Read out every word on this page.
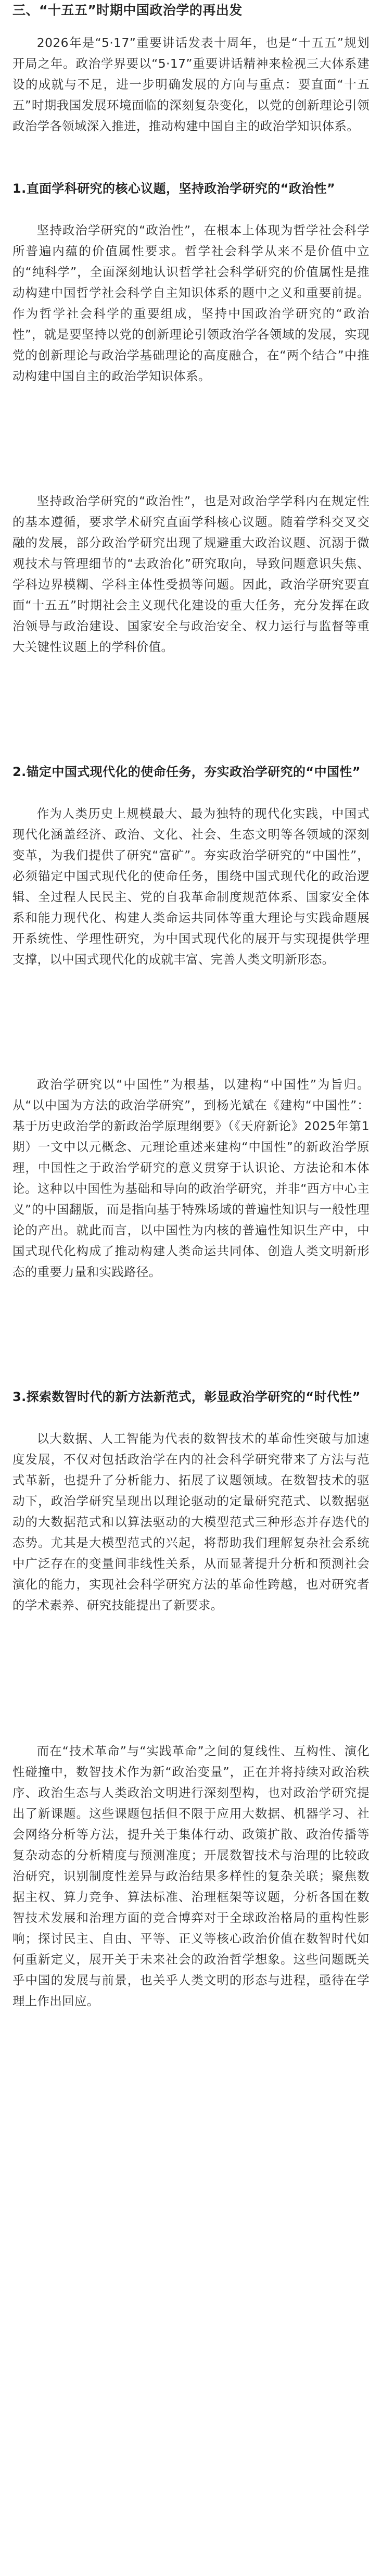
三、“十五五”时期中国政治学的再出发

2026年是“5·17”重要讲话发表十周年，也是“十五五”规划开局之年。政治学界要以“5·17”重要讲话精神来检视三大体系建设的成就与不足，进一步明确发展的方向与重点：要直面“十五五”时期我国发展环境面临的深刻复杂变化，以党的创新理论引领政治学各领域深入推进，推动构建中国自主的政治学知识体系。

1.直面学科研究的核心议题，坚持政治学研究的“政治性”

坚持政治学研究的“政治性”，在根本上体现为哲学社会科学所普遍内蕴的价值属性要求。哲学社会科学从来不是价值中立的“纯科学”，全面深刻地认识哲学社会科学研究的价值属性是推动构建中国哲学社会科学自主知识体系的题中之义和重要前提。作为哲学社会科学的重要组成，坚持中国政治学研究的“政治性”，就是要坚持以党的创新理论引领政治学各领域的发展，实现党的创新理论与政治学基础理论的高度融合，在“两个结合”中推动构建中国自主的政治学知识体系。

坚持政治学研究的“政治性”，也是对政治学学科内在规定性的基本遵循，要求学术研究直面学科核心议题。随着学科交叉交融的发展，部分政治学研究出现了规避重大政治议题、沉溺于微观技术与管理细节的“去政治化”研究取向，导致问题意识失焦、学科边界模糊、学科主体性受损等问题。因此，政治学研究要直面“十五五”时期社会主义现代化建设的重大任务，充分发挥在政治领导与政治建设、国家安全与政治安全、权力运行与监督等重大关键性议题上的学科价值。

2.锚定中国式现代化的使命任务，夯实政治学研究的“中国性”

作为人类历史上规模最大、最为独特的现代化实践，中国式现代化涵盖经济、政治、文化、社会、生态文明等各领域的深刻变革，为我们提供了研究“富矿”。夯实政治学研究的“中国性”，必须锚定中国式现代化的使命任务，围绕中国式现代化的政治逻辑、全过程人民民主、党的自我革命制度规范体系、国家安全体系和能力现代化、构建人类命运共同体等重大理论与实践命题展开系统性、学理性研究，为中国式现代化的展开与实现提供学理支撑，以中国式现代化的成就丰富、完善人类文明新形态。

政治学研究以“中国性”为根基，以建构“中国性”为旨归。从“以中国为方法的政治学研究”，到杨光斌在《建构“中国性”：基于历史政治学的新政治学原理纲要》（《天府新论》2025年第1期）一文中以元概念、元理论重述来建构“中国性”的新政治学原理，中国性之于政治学研究的意义贯穿于认识论、方法论和本体论。这种以中国性为基础和导向的政治学研究，并非“西方中心主义”的中国翻版，而是指向基于特殊场域的普遍性知识与一般性理论的产出。就此而言，以中国性为内核的普遍性知识生产中，中国式现代化构成了推动构建人类命运共同体、创造人类文明新形态的重要力量和实践路径。

3.探索数智时代的新方法新范式，彰显政治学研究的“时代性”

以大数据、人工智能为代表的数智技术的革命性突破与加速度发展，不仅对包括政治学在内的社会科学研究带来了方法与范式革新，也提升了分析能力、拓展了议题领域。在数智技术的驱动下，政治学研究呈现出以理论驱动的定量研究范式、以数据驱动的大数据范式和以算法驱动的大模型范式三种形态并存迭代的态势。尤其是大模型范式的兴起，将帮助我们理解复杂社会系统中广泛存在的变量间非线性关系，从而显著提升分析和预测社会演化的能力，实现社会科学研究方法的革命性跨越，也对研究者的学术素养、研究技能提出了新要求。

而在“技术革命”与“实践革命”之间的复线性、互构性、演化性碰撞中，数智技术作为新“政治变量”，正在并将持续对政治秩序、政治生态与人类政治文明进行深刻型构，也对政治学研究提出了新课题。这些课题包括但不限于应用大数据、机器学习、社会网络分析等方法，提升关于集体行动、政策扩散、政治传播等复杂动态的分析精度与预测准度；开展数智技术与治理的比较政治研究，识别制度性差异与政治结果多样性的复杂关联；聚焦数据主权、算力竞争、算法标准、治理框架等议题，分析各国在数智技术发展和治理方面的竞合博弈对于全球政治格局的重构性影响；探讨民主、自由、平等、正义等核心政治价值在数智时代如何重新定义，展开关于未来社会的政治哲学想象。这些问题既关乎中国的发展与前景，也关乎人类文明的形态与进程，亟待在学理上作出回应。
